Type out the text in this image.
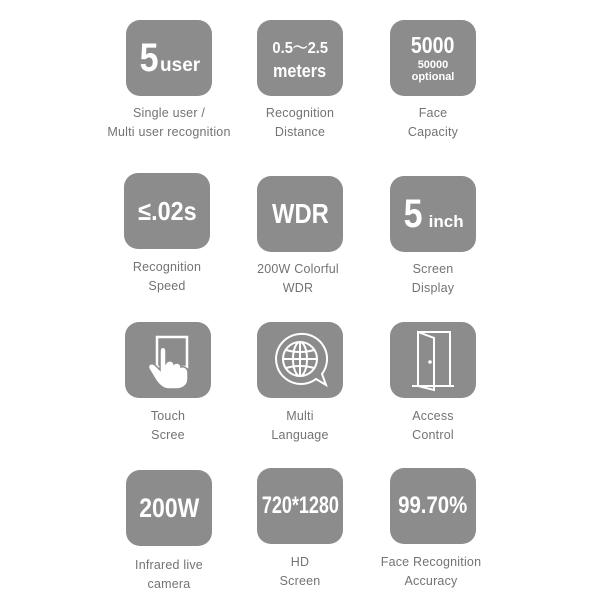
5 user
Single user /
Multi user recognition
0.5～2.5
meters
Recognition
Distance
5000
50000
optional
Face
Capacity
≤.02s
Recognition
Speed
WDR
200W Colorful
WDR
5 inch
Screen
Display
Touch
Scree
Multi
Language
Access
Control
200W
Infrared live
camera
720*1280
HD
Screen
99.70%
Face Recognition
Accuracy
